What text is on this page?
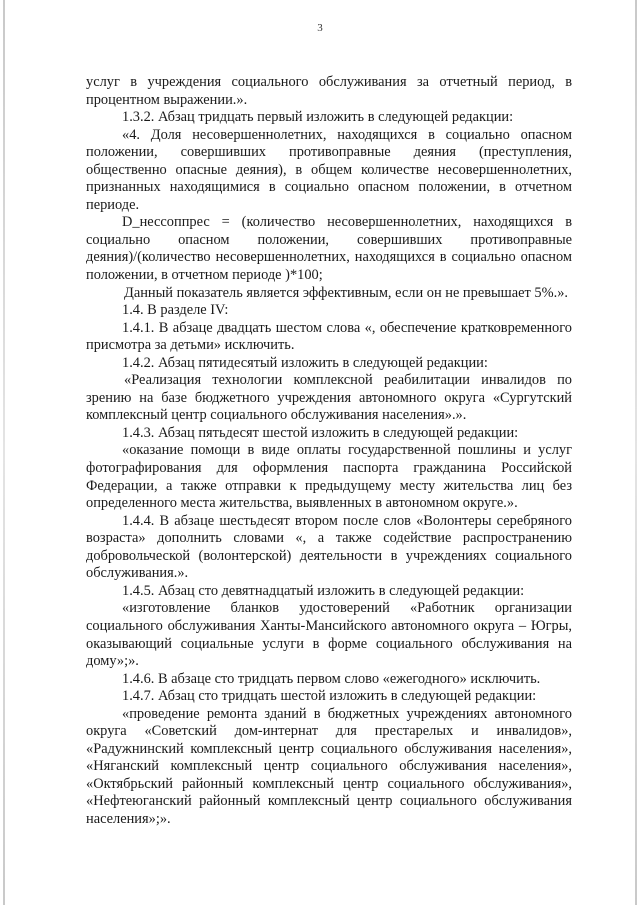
3

услуг в учреждения социального обслуживания за отчетный период, в процентном выражении.».

1.3.2. Абзац тридцать первый изложить в следующей редакции:

«4. Доля несовершеннолетних, находящихся в социально опасном положении, совершивших противоправные деяния (преступления, общественно опасные деяния), в общем количестве несовершеннолетних, признанных находящимися в социально опасном положении, в отчетном периоде.

D_нессоппрес = (количество несовершеннолетних, находящихся в социально опасном положении, совершивших противоправные деяния)/(количество несовершеннолетних, находящихся в социально опасном положении, в отчетном периоде )*100;

Данный показатель является эффективным, если он не превышает 5%.».

1.4. В разделе IV:

1.4.1. В абзаце двадцать шестом слова «, обеспечение кратковременного присмотра за детьми» исключить.

1.4.2. Абзац пятидесятый изложить в следующей редакции:

«Реализация технологии комплексной реабилитации инвалидов по зрению на базе бюджетного учреждения автономного округа «Сургутский комплексный центр социального обслуживания населения».».

1.4.3. Абзац пятьдесят шестой изложить в следующей редакции:

«оказание помощи в виде оплаты государственной пошлины и услуг фотографирования для оформления паспорта гражданина Российской Федерации, а также отправки к предыдущему месту жительства лиц без определенного места жительства, выявленных в автономном округе.».

1.4.4. В абзаце шестьдесят втором после слов «Волонтеры серебряного возраста» дополнить словами «, а также содействие распространению добровольческой (волонтерской) деятельности в учреждениях социального обслуживания.».

1.4.5. Абзац сто девятнадцатый изложить в следующей редакции:

«изготовление бланков удостоверений «Работник организации социального обслуживания Ханты-Мансийского автономного округа – Югры, оказывающий социальные услуги в форме социального обслуживания на дому»;».

1.4.6. В абзаце сто тридцать первом слово «ежегодного» исключить.

1.4.7. Абзац сто тридцать шестой изложить в следующей редакции:

«проведение ремонта зданий в бюджетных учреждениях автономного округа «Советский дом-интернат для престарелых и инвалидов», «Радужнинский комплексный центр социального обслуживания населения», «Няганский комплексный центр социального обслуживания населения», «Октябрьский районный комплексный центр социального обслуживания», «Нефтеюганский районный комплексный центр социального обслуживания населения»;».
